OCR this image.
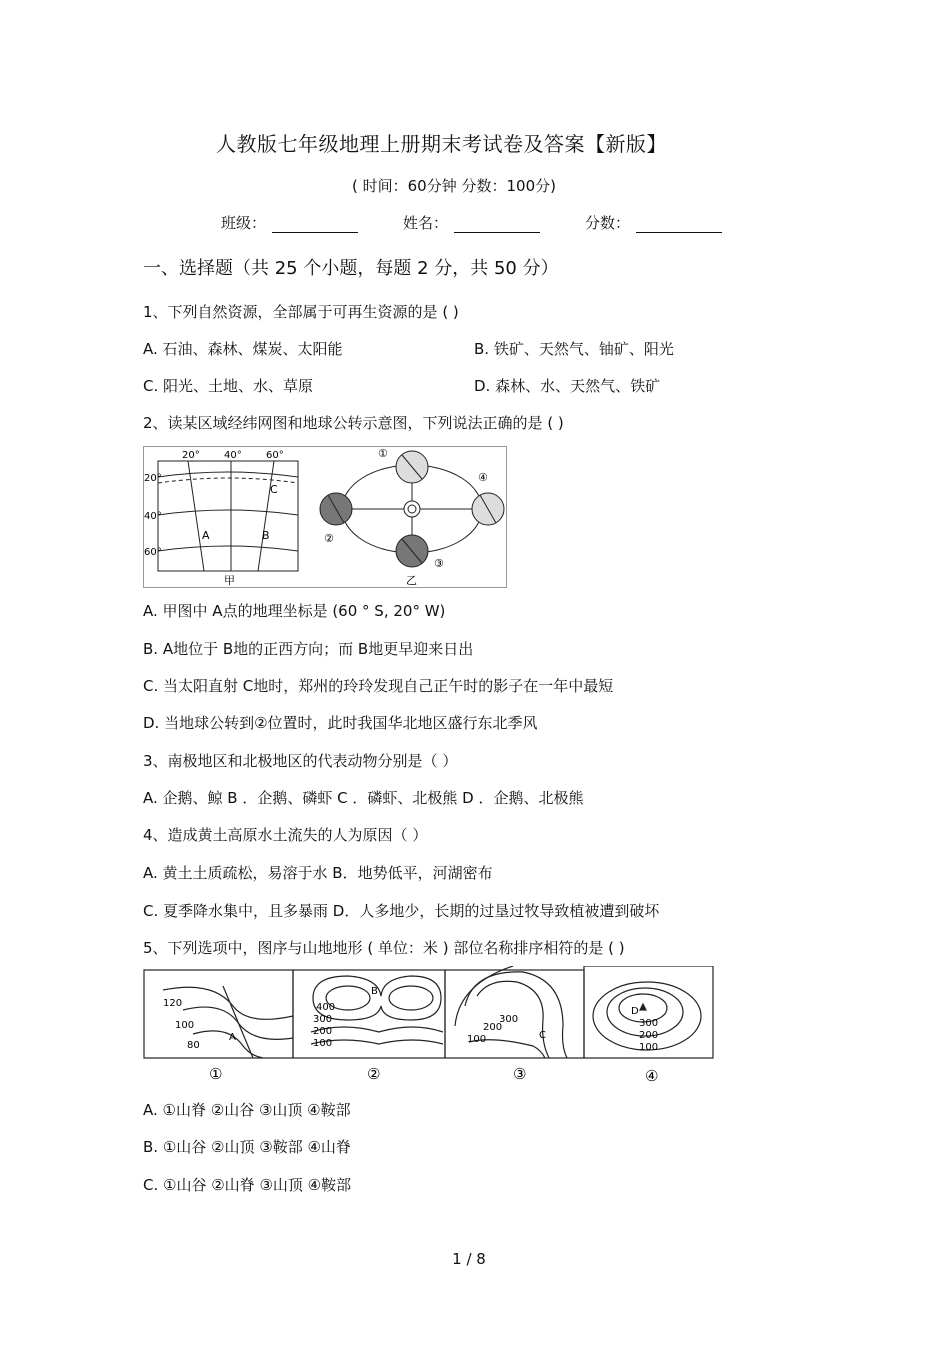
人教版七年级地理上册期末考试卷及答案【新版】
( 时间：60分钟 分数：100分)
班级：	姓名：	分数：
一、选择题（共 25 个小题，每题 2 分，共 50 分）
1、下列自然资源，全部属于可再生资源的是 ( )
A. 石油、森林、煤炭、太阳能	B. 铁矿、天然气、铀矿、阳光
C. 阳光、土地、水、草原	D. 森林、水、天然气、铁矿
2、读某区域经纬网图和地球公转示意图，下列说法正确的是 ( )
20° 40° 60°
20°
40°
60°
A	B
C
甲
①
②
③
④
乙
A. 甲图中 A点的地理坐标是 (60 ° S, 20° W)
B. A地位于 B地的正西方向；而 B地更早迎来日出
C. 当太阳直射 C地时，郑州的玲玲发现自己正午时的影子在一年中最短
D. 当地球公转到②位置时，此时我国华北地区盛行东北季风
3、南极地区和北极地区的代表动物分别是（ ）
A. 企鹅、鲸 B ．企鹅、磷虾 C ．磷虾、北极熊 D ．企鹅、北极熊
4、造成黄土高原水土流失的人为原因（ ）
A. 黄土土质疏松，易溶于水 B．地势低平，河湖密布
C. 夏季降水集中，且多暴雨 D．人多地少，长期的过垦过牧导致植被遭到破坏
5、下列选项中，图序与山地地形 ( 单位：米 ) 部位名称排序相符的是 ( )
120
100
80
A
①
400
300
200
100
B
②
300
200
100	C
③
D
300
200
100
④
A. ①山脊 ②山谷 ③山顶 ④鞍部
B. ①山谷 ②山顶 ③鞍部 ④山脊
C. ①山谷 ②山脊 ③山顶 ④鞍部
1 / 8
